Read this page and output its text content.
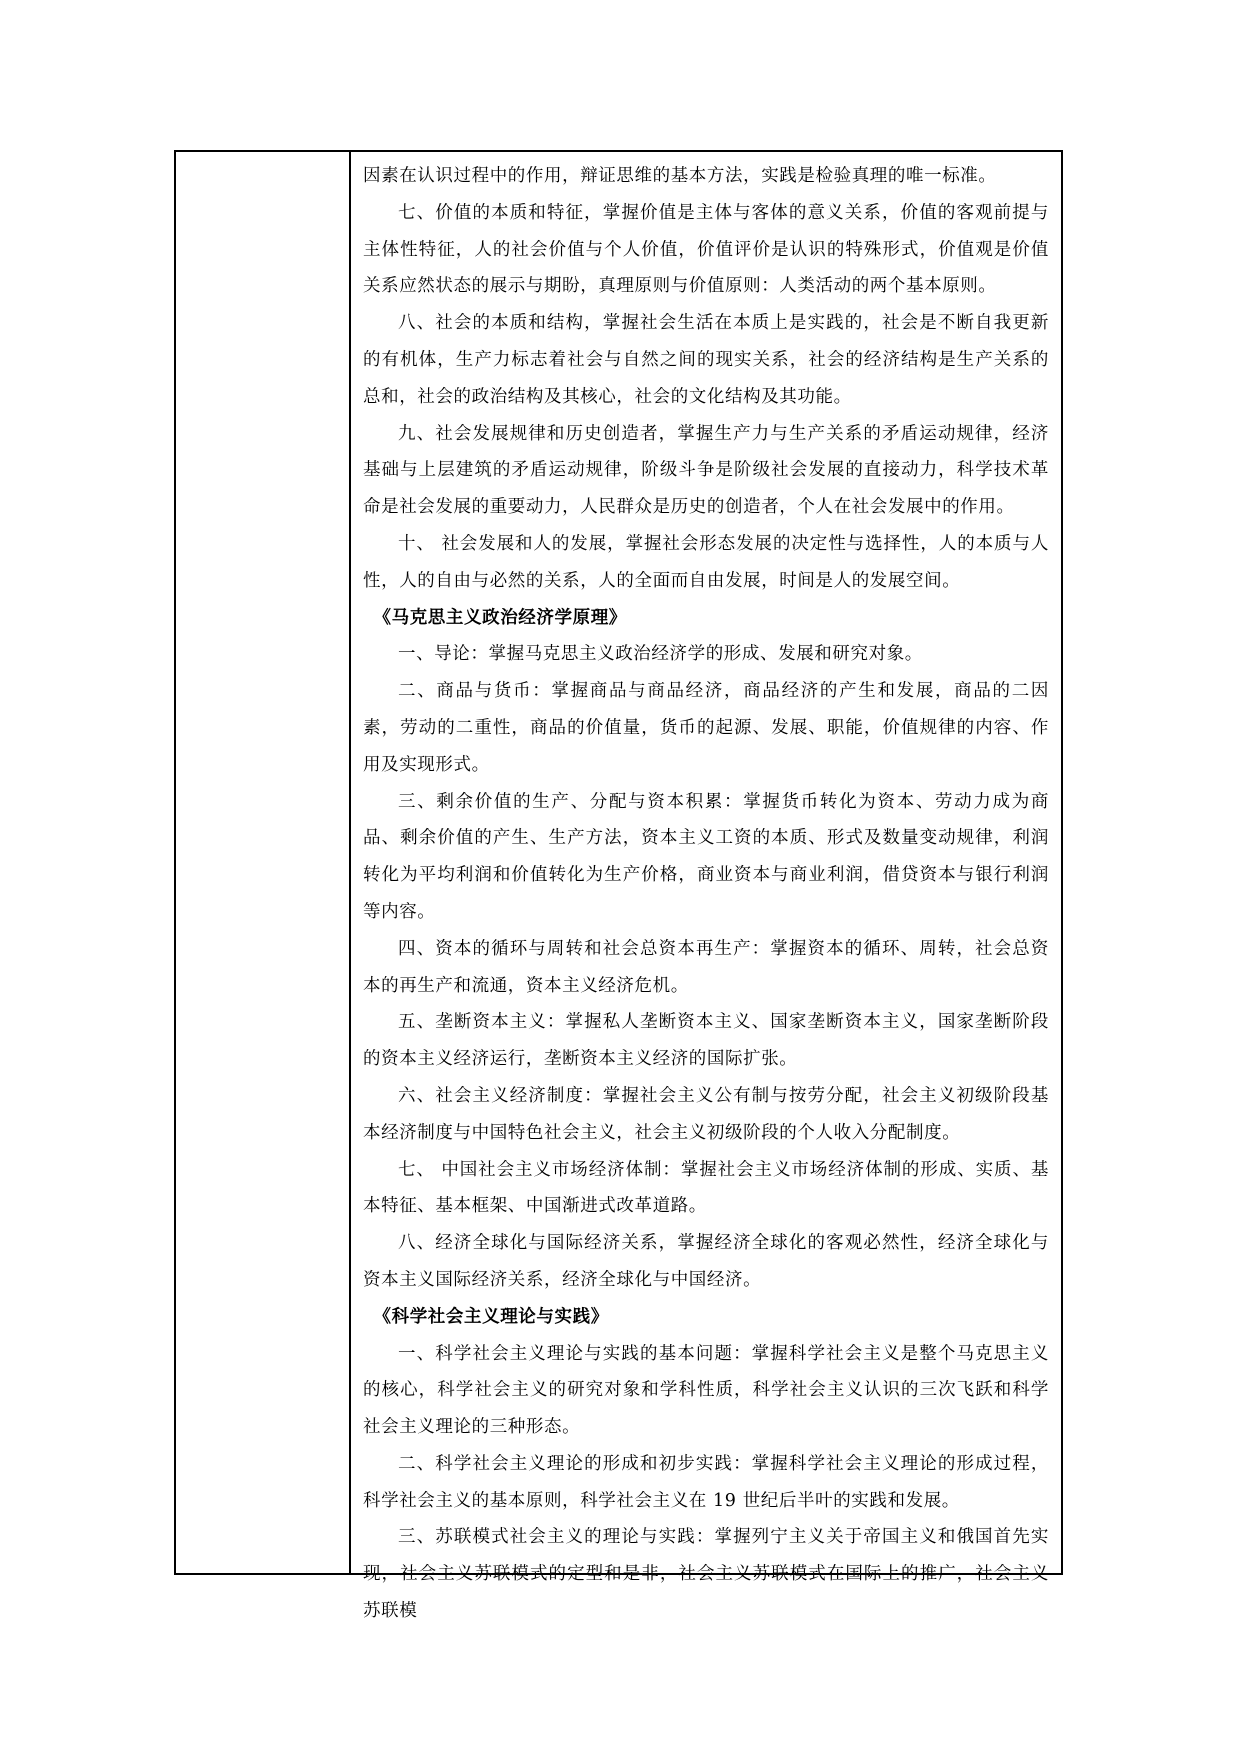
因素在认识过程中的作用，辩证思维的基本方法，实践是检验真理的唯一标准。

七、价值的本质和特征，掌握价值是主体与客体的意义关系，价值的客观前提与主体性特征，人的社会价值与个人价值，价值评价是认识的特殊形式，价值观是价值关系应然状态的展示与期盼，真理原则与价值原则：人类活动的两个基本原则。

八、社会的本质和结构，掌握社会生活在本质上是实践的，社会是不断自我更新的有机体，生产力标志着社会与自然之间的现实关系，社会的经济结构是生产关系的总和，社会的政治结构及其核心，社会的文化结构及其功能。

九、社会发展规律和历史创造者，掌握生产力与生产关系的矛盾运动规律，经济基础与上层建筑的矛盾运动规律，阶级斗争是阶级社会发展的直接动力，科学技术革命是社会发展的重要动力，人民群众是历史的创造者，个人在社会发展中的作用。

十、 社会发展和人的发展，掌握社会形态发展的决定性与选择性，人的本质与人性，人的自由与必然的关系，人的全面而自由发展，时间是人的发展空间。

《马克思主义政治经济学原理》

一、导论：掌握马克思主义政治经济学的形成、发展和研究对象。

二、商品与货币：掌握商品与商品经济，商品经济的产生和发展，商品的二因素，劳动的二重性，商品的价值量，货币的起源、发展、职能，价值规律的内容、作用及实现形式。

三、剩余价值的生产、分配与资本积累：掌握货币转化为资本、劳动力成为商品、剩余价值的产生、生产方法，资本主义工资的本质、形式及数量变动规律，利润转化为平均利润和价值转化为生产价格，商业资本与商业利润，借贷资本与银行利润等内容。

四、资本的循环与周转和社会总资本再生产：掌握资本的循环、周转，社会总资本的再生产和流通，资本主义经济危机。

五、垄断资本主义：掌握私人垄断资本主义、国家垄断资本主义，国家垄断阶段的资本主义经济运行，垄断资本主义经济的国际扩张。

六、社会主义经济制度：掌握社会主义公有制与按劳分配，社会主义初级阶段基本经济制度与中国特色社会主义，社会主义初级阶段的个人收入分配制度。

七、 中国社会主义市场经济体制：掌握社会主义市场经济体制的形成、实质、基本特征、基本框架、中国渐进式改革道路。

八、经济全球化与国际经济关系，掌握经济全球化的客观必然性，经济全球化与资本主义国际经济关系，经济全球化与中国经济。

《科学社会主义理论与实践》

一、科学社会主义理论与实践的基本问题：掌握科学社会主义是整个马克思主义的核心，科学社会主义的研究对象和学科性质，科学社会主义认识的三次飞跃和科学社会主义理论的三种形态。

二、科学社会主义理论的形成和初步实践：掌握科学社会主义理论的形成过程，科学社会主义的基本原则，科学社会主义在 19 世纪后半叶的实践和发展。

三、苏联模式社会主义的理论与实践：掌握列宁主义关于帝国主义和俄国首先实现，社会主义苏联模式的定型和是非，社会主义苏联模式在国际上的推广，社会主义苏联模
